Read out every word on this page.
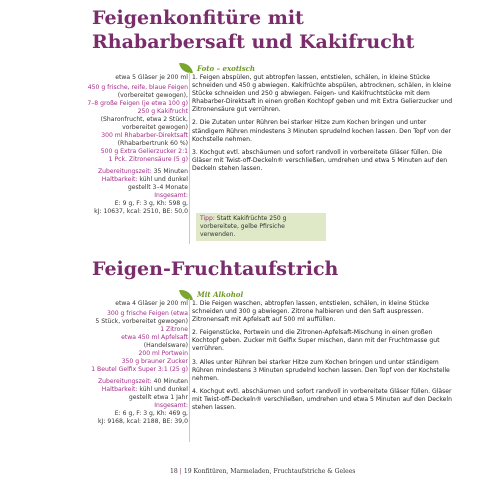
Feigenkonfitüre mit
Rhabarbersaft und Kakifrucht
Foto – exotisch
etwa 5 Gläser je 200 ml
450 g frische, reife, blaue Feigen
(vorbereitet gewogen),
7–8 große Feigen (je etwa 100 g)
250 g Kakifrucht
(Sharonfrucht, etwa 2 Stück,
vorbereitet gewogen)
300 ml Rhabarber-Direktsaft
(Rhabarbertrunk 60 %)
500 g Extra Gelierzucker 2:1
1 Pck. Zitronensäure (5 g)
Zubereitungszeit: 35 Minuten
Haltbarkeit: kühl und dunkel
gestellt 3–4 Monate
Insgesamt:
E: 9 g, F: 3 g, Kh: 598 g,
kJ: 10637, kcal: 2510, BE: 50,0

1. Feigen abspülen, gut abtropfen lassen, entstielen, schälen, in kleine Stücke schneiden und 450 g abwiegen. Kakifrüchte abspülen, abtrocknen, schälen, in kleine Stücke schneiden und 250 g abwiegen. Feigen- und Kakifruchtstücke mit dem Rhabarber-Direktsaft in einen großen Kochtopf geben und mit Extra Gelierzucker und Zitronensäure gut verrühren.

2. Die Zutaten unter Rühren bei starker Hitze zum Kochen bringen und unter ständigem Rühren mindestens 3 Minuten sprudelnd kochen lassen. Den Topf von der Kochstelle nehmen.

3. Kochgut evtl. abschäumen und sofort randvoll in vorbereitete Gläser füllen. Die Gläser mit Twist-off-Deckeln® verschließen, umdrehen und etwa 5 Minuten auf den Deckeln stehen lassen.

Tipp: Statt Kakifrüchte 250 g vorbereitete, gelbe Pfirsiche verwenden.
Feigen-Fruchtaufstrich
Mit Alkohol
etwa 4 Gläser je 200 ml
300 g frische Feigen (etwa
5 Stück, vorbereitet gewogen)
1 Zitrone
etwa 450 ml Apfelsaft
(Handelsware)
200 ml Portwein
350 g brauner Zucker
1 Beutel Gelfix Super 3:1 (25 g)
Zubereitungszeit: 40 Minuten
Haltbarkeit: kühl und dunkel
gestellt etwa 1 Jahr
Insgesamt:
E: 6 g, F: 3 g, Kh: 469 g,
kJ: 9168, kcal: 2188, BE: 39,0

1. Die Feigen waschen, abtropfen lassen, entstielen, schälen, in kleine Stücke schneiden und 300 g abwiegen. Zitrone halbieren und den Saft auspressen. Zitronensaft mit Apfelsaft auf 500 ml auffüllen.

2. Feigenstücke, Portwein und die Zitronen-Apfelsaft-Mischung in einen großen Kochtopf geben. Zucker mit Gelfix Super mischen, dann mit der Fruchtmasse gut verrühren.

3. Alles unter Rühren bei starker Hitze zum Kochen bringen und unter ständigem Rühren mindestens 3 Minuten sprudelnd kochen lassen. Den Topf von der Kochstelle nehmen.

4. Kochgut evtl. abschäumen und sofort randvoll in vorbereitete Gläser füllen. Gläser mit Twist-off-Deckeln® verschließen, umdrehen und etwa 5 Minuten auf den Deckeln stehen lassen.

18 | 19 Konfitüren, Marmeladen, Fruchtaufstriche & Gelees
